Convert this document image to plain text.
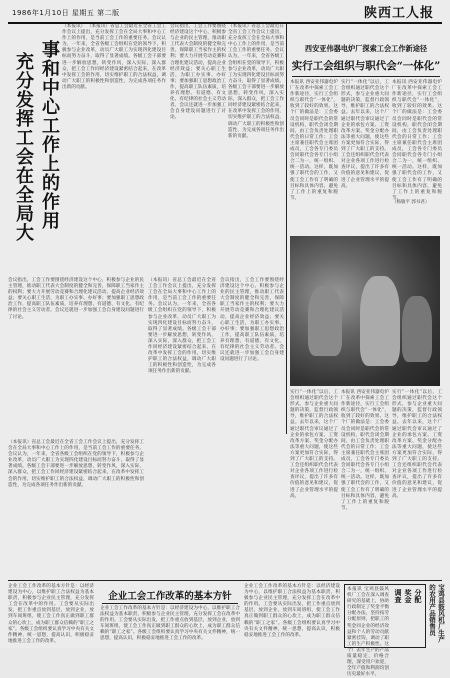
1986年1月10日 星期五 第二版	陕西工人报
充分发挥工会在全局大 事和中心工作上的作用
（本报讯） （本报讯）省总工会最近在全省工会工作会议上提出，充分发挥工会在全局大事和中心工作上的作用，是当前工会工作的重要任务。会议认为，一年来，全省各级工会组织在党的领导下，积极参与企业改革，动员广大职工为实现四化建设目标而努力奋斗，取得了显著成绩。各级工会干部要进一步解放思想，转变作风，深入实际，深入群众，把工会工作同经济建设紧密结合起来，在改革中发挥工会的作用，切实维护职工的合法权益，调动广大职工的积极性和创造性，为完成各项任务作出新的贡献。
会议指出，工会工作要围绕经济建设这个中心，积极参与企业的民主管理，推动职工代表大会制度的健全和完善，保障职工当家作主的权利；要大力开展劳动竞赛和合理化建议活动，提高企业经济效益；要关心职工生活，为职工办实事、办好事；要加强职工思想政治工作，提高职工队伍素质，培养有理想、有道德、有文化、有纪律的社会主义劳动者。会议还就进一步加强工会自身建设问题进行了讨论。
（本报讯）省总工会最近在全省工会工作会议上提出，充分发挥工会在全局大事和中心工作上的作用，是当前工会工作的重要任务。会议认为，一年来，全省各级工会组织在党的领导下，积极参与企业改革，动员广大职工为实现四化建设目标而努力奋斗，取得了显著成绩。各级工会干部要进一步解放思想，转变作风，深入实际，深入群众，把工会工作同经济建设紧密结合起来，在改革中发挥工会的作用，切实维护职工的合法权益，调动广大职工的积极性和创造性，为完成各项任务作出新的贡献。
会议指出，工会工作要围绕经济建设这个中心，积极参与企业的民主管理，推动职工代表大会制度的健全和完善，保障职工当家作主的权利；要大力开展劳动竞赛和合理化建议活动，提高企业经济效益；要关心职工生活，为职工办实事、办好事；要加强职工思想政治工作，提高职工队伍素质，培养有理想、有道德、有文化、有纪律的社会主义劳动者。会议还就进一步加强工会自身建设问题进行了讨论。
（本报讯）省总工会最近在全省工会工作会议上提出，充分发挥工会在全局大事和中心工作上的作用，是当前工会工作的重要任务。会议认为，一年来，全省各级工会组织在党的领导下，积极参与企业改革，动员广大职工为实现四化建设目标而努力奋斗，取得了显著成绩。各级工会干部要进一步解放思想，转变作风，深入实际，深入群众，把工会工作同经济建设紧密结合起来，在改革中发挥工会的作用，切实维护职工的合法权益，调动广大职工的积极性和创造性，为完成各项任务作出新的贡献。
（本报讯）省总工会最近在全省工会工作会议上提出，充分发挥工会在全局大事和中心工作上的作用，是当前工会工作的重要任务。会议认为，一年来，全省各级工会组织在党的领导下，积极参与企业改革，动员广大职工为实现四化建设目标而努力奋斗，取得了显著成绩。各级工会干部要进一步解放思想，转变作风，深入实际，深入群众，把工会工作同经济建设紧密结合起来，在改革中发挥工会的作用，切实维护职工的合法权益，调动广大职工的积极性和创造性，为完成各项任务作出新的贡献。
会议指出，工会工作要围绕经济建设这个中心，积极参与企业的民主管理，推动职工代表大会制度的健全和完善，保障职工当家作主的权利；要大力开展劳动竞赛和合理化建议活动，提高企业经济效益；要关心职工生活，为职工办实事、办好事；要加强职工思想政治工作，提高职工队伍素质，培养有理想、有道德、有文化、有纪律的社会主义劳动者。会议还就进一步加强工会自身建设问题进行了讨论。
西安亚伟器电炉厂探索工会工作新途径
实行工会组织与职代会“一体化”
本报讯 西安亚伟器电炉厂在改革中探索工会工作新途径，实行工会组织与职代会“一体化”，收到了较好的效果。这个厂的做法是：工会委员会同时是职代会的常设机构，职代会闭会期间，由工会负责处理职代会的日常工作；工会主席兼任职代会主席团成员，工会各专门委员会同职代会各专门小组合二为一，统一组织、统一活动。这样，既加强了职代会的工作，又使工会工作有了明确的目标和具体内容，避免了工作上的重复和脱节。
实行“一体化”以后，工会组织通过职代会这个形式，参与企业重大问题的决策，监督行政领导，维护职工的合法权益。去年以来，这个厂通过职代会审议通过了企业的承包方案、工资改革方案、奖金分配办法等重大问题，使这些方案更加符合实际，得到了广大职工的支持。工会还组织职代会代表对企业各项工作进行检查评议，提出了许多有价值的意见和建议，促进了企业管理水平的提高。
本报讯 西安亚伟器电炉厂在改革中探索工会工作新途径，实行工会组织与职代会“一体化”，收到了较好的效果。这个厂的做法是：工会委员会同时是职代会的常设机构，职代会闭会期间，由工会负责处理职代会的日常工作；工会主席兼任职代会主席团成员，工会各专门委员会同职代会各专门小组合二为一，统一组织、统一活动。这样，既加强了职代会的工作，又使工会工作有了明确的目标和具体内容，避免了工作上的重复和脱节。
（杨敏平 郭书君）
实行“一体化”以后，工会组织通过职代会这个形式，参与企业重大问题的决策，监督行政领导，维护职工的合法权益。去年以来，这个厂通过职代会审议通过了企业的承包方案、工资改革方案、奖金分配办法等重大问题，使这些方案更加符合实际，得到了广大职工的支持。工会还组织职代会代表对企业各项工作进行检查评议，提出了许多有价值的意见和建议，促进了企业管理水平的提高。
本报讯 西安亚伟器电炉厂在改革中探索工会工作新途径，实行工会组织与职代会“一体化”，收到了较好的效果。这个厂的做法是：工会委员会同时是职代会的常设机构，职代会闭会期间，由工会负责处理职代会的日常工作；工会主席兼任职代会主席团成员，工会各专门委员会同职代会各专门小组合二为一，统一组织、统一活动。这样，既加强了职代会的工作，又使工会工作有了明确的目标和具体内容，避免了工作上的重复和脱节。
实行“一体化”以后，工会组织通过职代会这个形式，参与企业重大问题的决策，监督行政领导，维护职工的合法权益。去年以来，这个厂通过职代会审议通过了企业的承包方案、工资改革方案、奖金分配办法等重大问题，使这些方案更加符合实际，得到了广大职工的支持。工会还组织职代会代表对企业各项工作进行检查评议，提出了许多有价值的意见和建议，促进了企业管理水平的提高。
企业工会工作改革的基本方针是：以经济建设为中心，以维护职工合法权益为基本职责，积极参与企业民主管理，充分发挥工会在改革中的作用。工会要从实际出发，把工作重点放到基层，放到企业，放到车间班组，使工会工作真正做到职工群众的心坎上，成为职工群众信赖的“职工之家”。各级工会组织要认真学习中央有关文件精神，统一思想，提高认识，积极稳妥地推进工会工作的改革。
企业工会工作改革的基本方针
企业工会工作改革的基本方针是：以经济建设为中心，以维护职工合法权益为基本职责，积极参与企业民主管理，充分发挥工会在改革中的作用。工会要从实际出发，把工作重点放到基层，放到企业，放到车间班组，使工会工作真正做到职工群众的心坎上，成为职工群众信赖的“职工之家”。各级工会组织要认真学习中央有关文件精神，统一思想，提高认识，积极稳妥地推进工会工作的改革。
企业工会工作改革的基本方针是：以经济建设为中心，以维护职工合法权益为基本职责，积极参与企业民主管理，充分发挥工会在改革中的作用。工会要从实际出发，把工作重点放到基层，放到企业，放到车间班组，使工会工作真正做到职工群众的心坎上，成为职工群众信赖的“职工之家”。各级工会组织要认真学习中央有关文件精神，统一思想，提高认识，积极稳妥地推进工会工作的改革。
本报讯 宝鸡县鼓风机厂工会在深入调查研究的基础上，协助行政制定了奖金平衡分配办法，坚持按劳分配原则，把职工的奖金同企业的经济效益和个人的劳动贡献紧密挂钩，调动了职工的生产积极性。这个厂去年生产的产品质量稳定，价格合理，深受用户欢迎，全年产值和利润均创历史最好水平。
调查 奖金 分配	宝鸡县鼓风机厂生产的农用产品销售员
